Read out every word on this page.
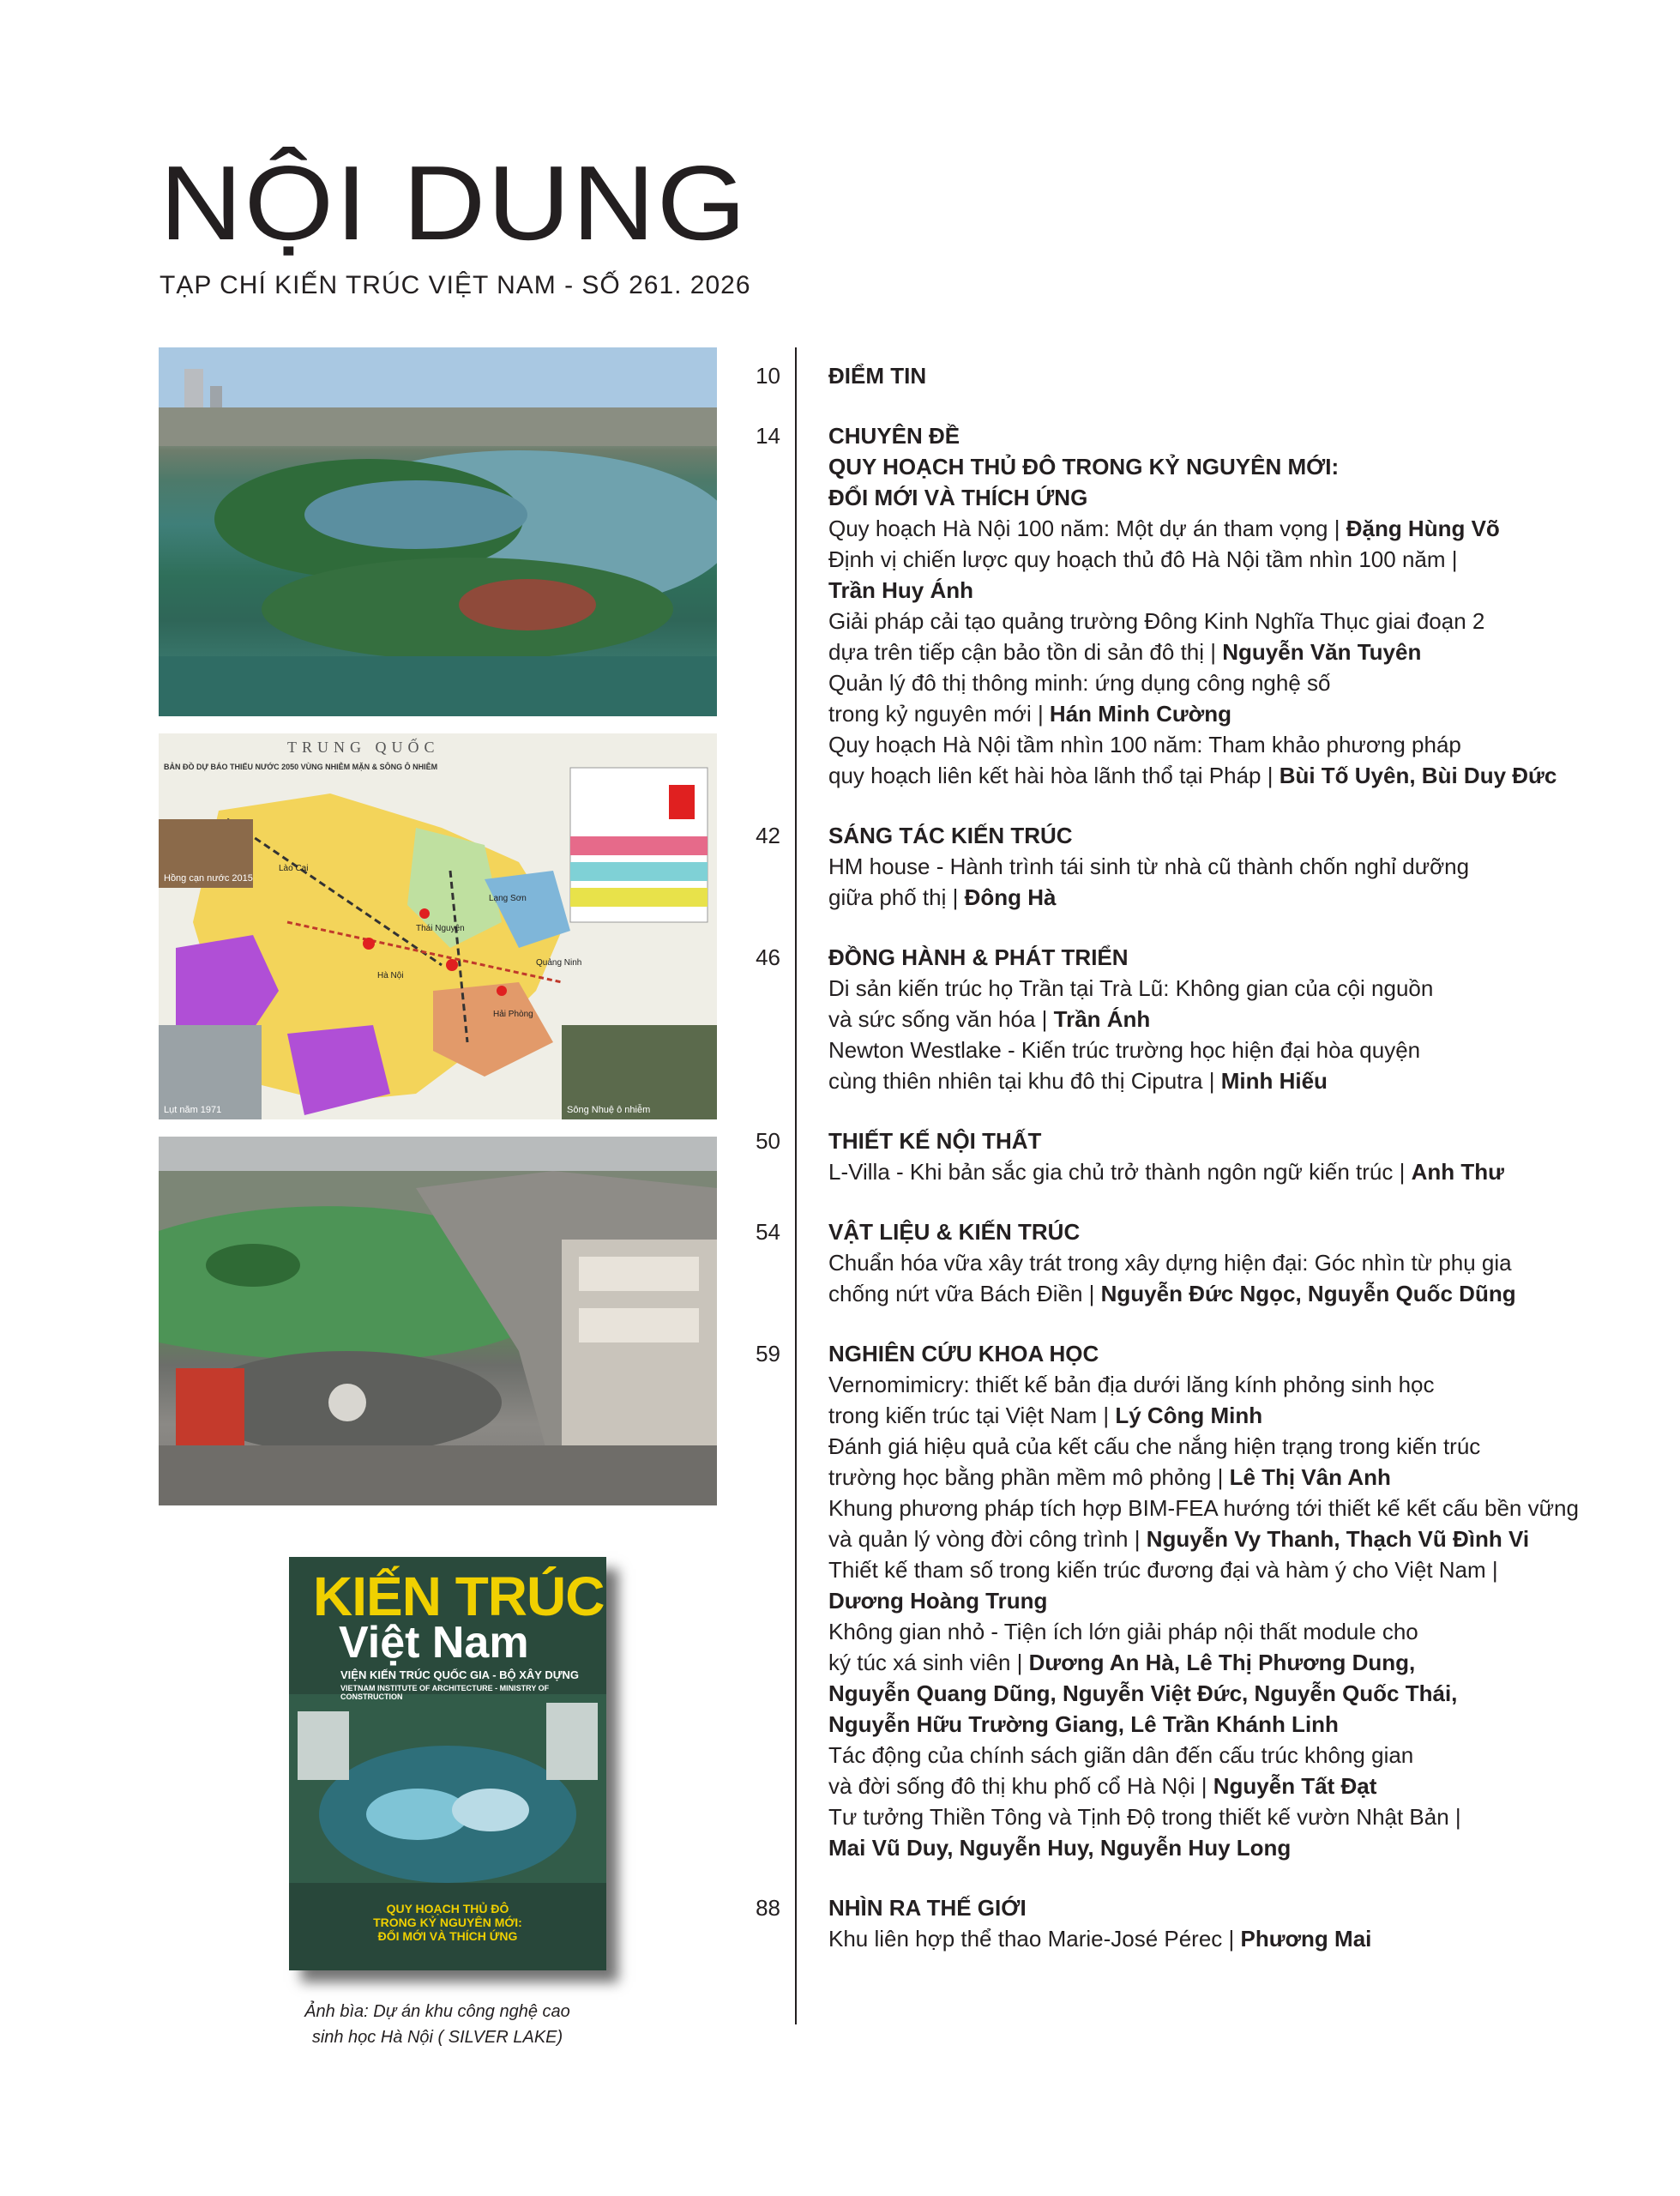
NỘI DUNG
TẠP CHÍ KIẾN TRÚC VIỆT NAM - SỐ 261. 2026
TRUNG QUỐC
BẢN ĐỒ DỰ BÁO THIẾU NƯỚC 2050 VÙNG NHIỄM MẶN & SÔNG Ô NHIỄM
Hồng cạn nước 2015
Lụt năm 1971	Sông Nhuệ ô nhiễm
Lào Cai
Lạng Sơn
Thái Nguyên
Hà Nội
Hải Phòng
Quảng Ninh
KIẾN TRÚC
Việt Nam
VIỆN KIẾN TRÚC QUỐC GIA - BỘ XÂY DỰNG
VIETNAM INSTITUTE OF ARCHITECTURE - MINISTRY OF CONSTRUCTION
QUY HOẠCH THỦ ĐÔ
TRONG KỶ NGUYÊN MỚI:
ĐỔI MỚI VÀ THÍCH ỨNG
Ảnh bìa: Dự án khu công nghệ cao
sinh học Hà Nội ( SILVER LAKE)
10 ĐIỂM TIN
14 CHUYÊN ĐỀ
QUY HOẠCH THỦ ĐÔ TRONG KỶ NGUYÊN MỚI:
ĐỔI MỚI VÀ THÍCH ỨNG
Quy hoạch Hà Nội 100 năm: Một dự án tham vọng | Đặng Hùng Võ
Định vị chiến lược quy hoạch thủ đô Hà Nội tầm nhìn 100 năm |
Trần Huy Ánh
Giải pháp cải tạo quảng trường Đông Kinh Nghĩa Thục giai đoạn 2
dựa trên tiếp cận bảo tồn di sản đô thị | Nguyễn Văn Tuyên
Quản lý đô thị thông minh: ứng dụng công nghệ số
trong kỷ nguyên mới | Hán Minh Cường
Quy hoạch Hà Nội tầm nhìn 100 năm: Tham khảo phương pháp
quy hoạch liên kết hài hòa lãnh thổ tại Pháp | Bùi Tố Uyên, Bùi Duy Đức
42 SÁNG TÁC KIẾN TRÚC
HM house - Hành trình tái sinh từ nhà cũ thành chốn nghỉ dưỡng
giữa phố thị | Đông Hà
46 ĐỒNG HÀNH & PHÁT TRIỂN
Di sản kiến trúc họ Trần tại Trà Lũ: Không gian của cội nguồn
và sức sống văn hóa | Trần Ánh
Newton Westlake - Kiến trúc trường học hiện đại hòa quyện
cùng thiên nhiên tại khu đô thị Ciputra | Minh Hiếu
50 THIẾT KẾ NỘI THẤT
L-Villa - Khi bản sắc gia chủ trở thành ngôn ngữ kiến trúc | Anh Thư
54 VẬT LIỆU & KIẾN TRÚC
Chuẩn hóa vữa xây trát trong xây dựng hiện đại: Góc nhìn từ phụ gia
chống nứt vữa Bách Điền | Nguyễn Đức Ngọc, Nguyễn Quốc Dũng
59 NGHIÊN CỨU KHOA HỌC
Vernomimicry: thiết kế bản địa dưới lăng kính phỏng sinh học
trong kiến trúc tại Việt Nam | Lý Công Minh
Đánh giá hiệu quả của kết cấu che nắng hiện trạng trong kiến trúc
trường học bằng phần mềm mô phỏng | Lê Thị Vân Anh
Khung phương pháp tích hợp BIM-FEA hướng tới thiết kế kết cấu bền vững
và quản lý vòng đời công trình | Nguyễn Vy Thanh, Thạch Vũ Đình Vi
Thiết kế tham số trong kiến trúc đương đại và hàm ý cho Việt Nam |
Dương Hoàng Trung
Không gian nhỏ - Tiện ích lớn giải pháp nội thất module cho
ký túc xá sinh viên | Dương An Hà, Lê Thị Phương Dung,
Nguyễn Quang Dũng, Nguyễn Việt Đức, Nguyễn Quốc Thái,
Nguyễn Hữu Trường Giang, Lê Trần Khánh Linh
Tác động của chính sách giãn dân đến cấu trúc không gian
và đời sống đô thị khu phố cổ Hà Nội | Nguyễn Tất Đạt
Tư tưởng Thiền Tông và Tịnh Độ trong thiết kế vườn Nhật Bản |
Mai Vũ Duy, Nguyễn Huy, Nguyễn Huy Long
88 NHÌN RA THẾ GIỚI
Khu liên hợp thể thao Marie-José Pérec | Phương Mai
